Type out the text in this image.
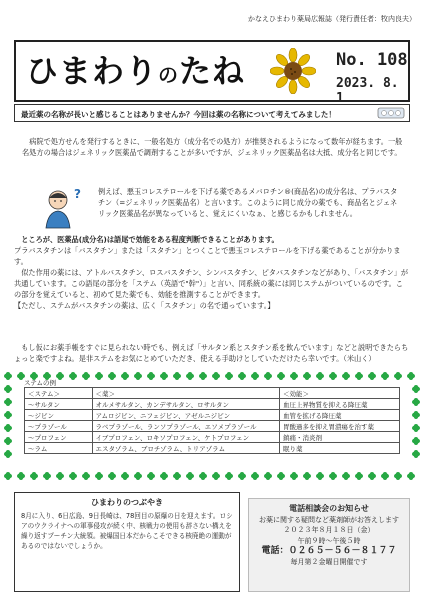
かなえひまわり薬局広報誌（発行責任者：牧内良夫）
ひまわりのたね	No. 108
2023. 8. 1
最近薬の名称が長いと感じることはありませんか？今回は薬の名称について考えてみました！

病院で処方せんを発行するときに、一般名処方（成分名での処方）が推奨されるようになって数年が経ちます。一般名処方の場合はジェネリック医薬品で調剤することが多いですが、ジェネリック医薬品名は大抵、成分名と同じです。

? 例えば、悪玉コレステロールを下げる薬であるメバロチン®(商品名)の成分名は、プラバスタチン（=ジェネリック医薬品名）と言います。このように同じ成分の薬でも、商品名とジェネリック医薬品名が異なっていると、覚えにくいなぁ、と感じるかもしれません。

ところが、医薬品(成分名)は語尾で効能をある程度判断できることがあります。

プラバスタチンは「バスタチン」または「スタチン」とつくことで悪玉コレステロールを下げる薬であることが分かります。

似た作用の薬には、アトルバスタチン、ロスバスタチン、シンバスタチン、ピタバスタチンなどがあり、「バスタチン」が共通しています。この語尾の部分を「ステム（英語で"幹"）」と言い、同系統の薬には同じステムがついているのです。この部分を覚えていると、初めて見た薬でも、効能を推測することができます。

【ただし、ステムがバスタチンの薬は、広く「スタチン」の名で通っています。】

もし仮にお薬手帳をすぐに見られない時でも、例えば「サルタン系とスタチン系を飲んでいます」などと説明できたらちょっと楽ですよね。是非ステムをお気にとめていただき、使える手助けとしていただけたら幸いです。（米山く）
ステムの例
＜ステム＞	＜薬＞	＜効能＞
～サルタン	オルメサルタン、カンデサルタン、ロサルタン	血圧上昇物質を抑える降圧薬
～ジピン	アムロジピン、ニフェジピン、アゼルニジピン	血管を拡げる降圧薬
～プラゾール	ラベプラゾール、ランソプラゾール、エソメプラゾール	胃酸過多を抑え胃潰瘍を治す薬
～プロフェン	イブプロフェン、ロキソプロフェン、ケトプロフェン	鎮痛・消炎剤
～ラム	エスタゾラム、ブロチゾラム、トリアゾラム	眠り薬
ひまわりのつぶやき
8月に入り、6日広島、9日長崎は、78回目の原爆の日を迎えます。ロシアのウクライナへの軍事侵攻が続く中、核戦力の使用も辞さない構えを繰り返すプーチン大統領。被爆国日本だからこそできる核廃絶の運動があるのではないでしょうか。
電話相談会のお知らせ
お薬に関する疑問など薬剤師がお答えします
２０２３年８月１８日（金）
午前９時～午後５時
電話：０２６５－５６－８１７７
毎月第２金曜日開催です
